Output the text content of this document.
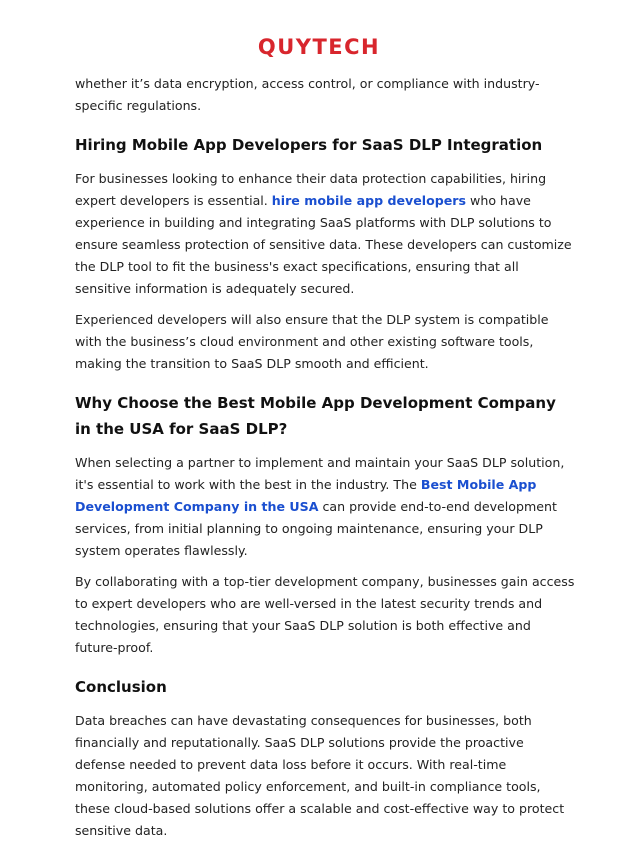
QUYTECH

whether it’s data encryption, access control, or compliance with industry-specific regulations.

Hiring Mobile App Developers for SaaS DLP Integration

For businesses looking to enhance their data protection capabilities, hiring expert developers is essential. hire mobile app developers who have experience in building and integrating SaaS platforms with DLP solutions to ensure seamless protection of sensitive data. These developers can customize the DLP tool to fit the business's exact specifications, ensuring that all sensitive information is adequately secured.

Experienced developers will also ensure that the DLP system is compatible with the business’s cloud environment and other existing software tools, making the transition to SaaS DLP smooth and efficient.

Why Choose the Best Mobile App Development Company in the USA for SaaS DLP?

When selecting a partner to implement and maintain your SaaS DLP solution, it's essential to work with the best in the industry. The Best Mobile App Development Company in the USA can provide end-to-end development services, from initial planning to ongoing maintenance, ensuring your DLP system operates flawlessly.

By collaborating with a top-tier development company, businesses gain access to expert developers who are well-versed in the latest security trends and technologies, ensuring that your SaaS DLP solution is both effective and future-proof.

Conclusion

Data breaches can have devastating consequences for businesses, both financially and reputationally. SaaS DLP solutions provide the proactive defense needed to prevent data loss before it occurs. With real-time monitoring, automated policy enforcement, and built-in compliance tools, these cloud-based solutions offer a scalable and cost-effective way to protect sensitive data.
